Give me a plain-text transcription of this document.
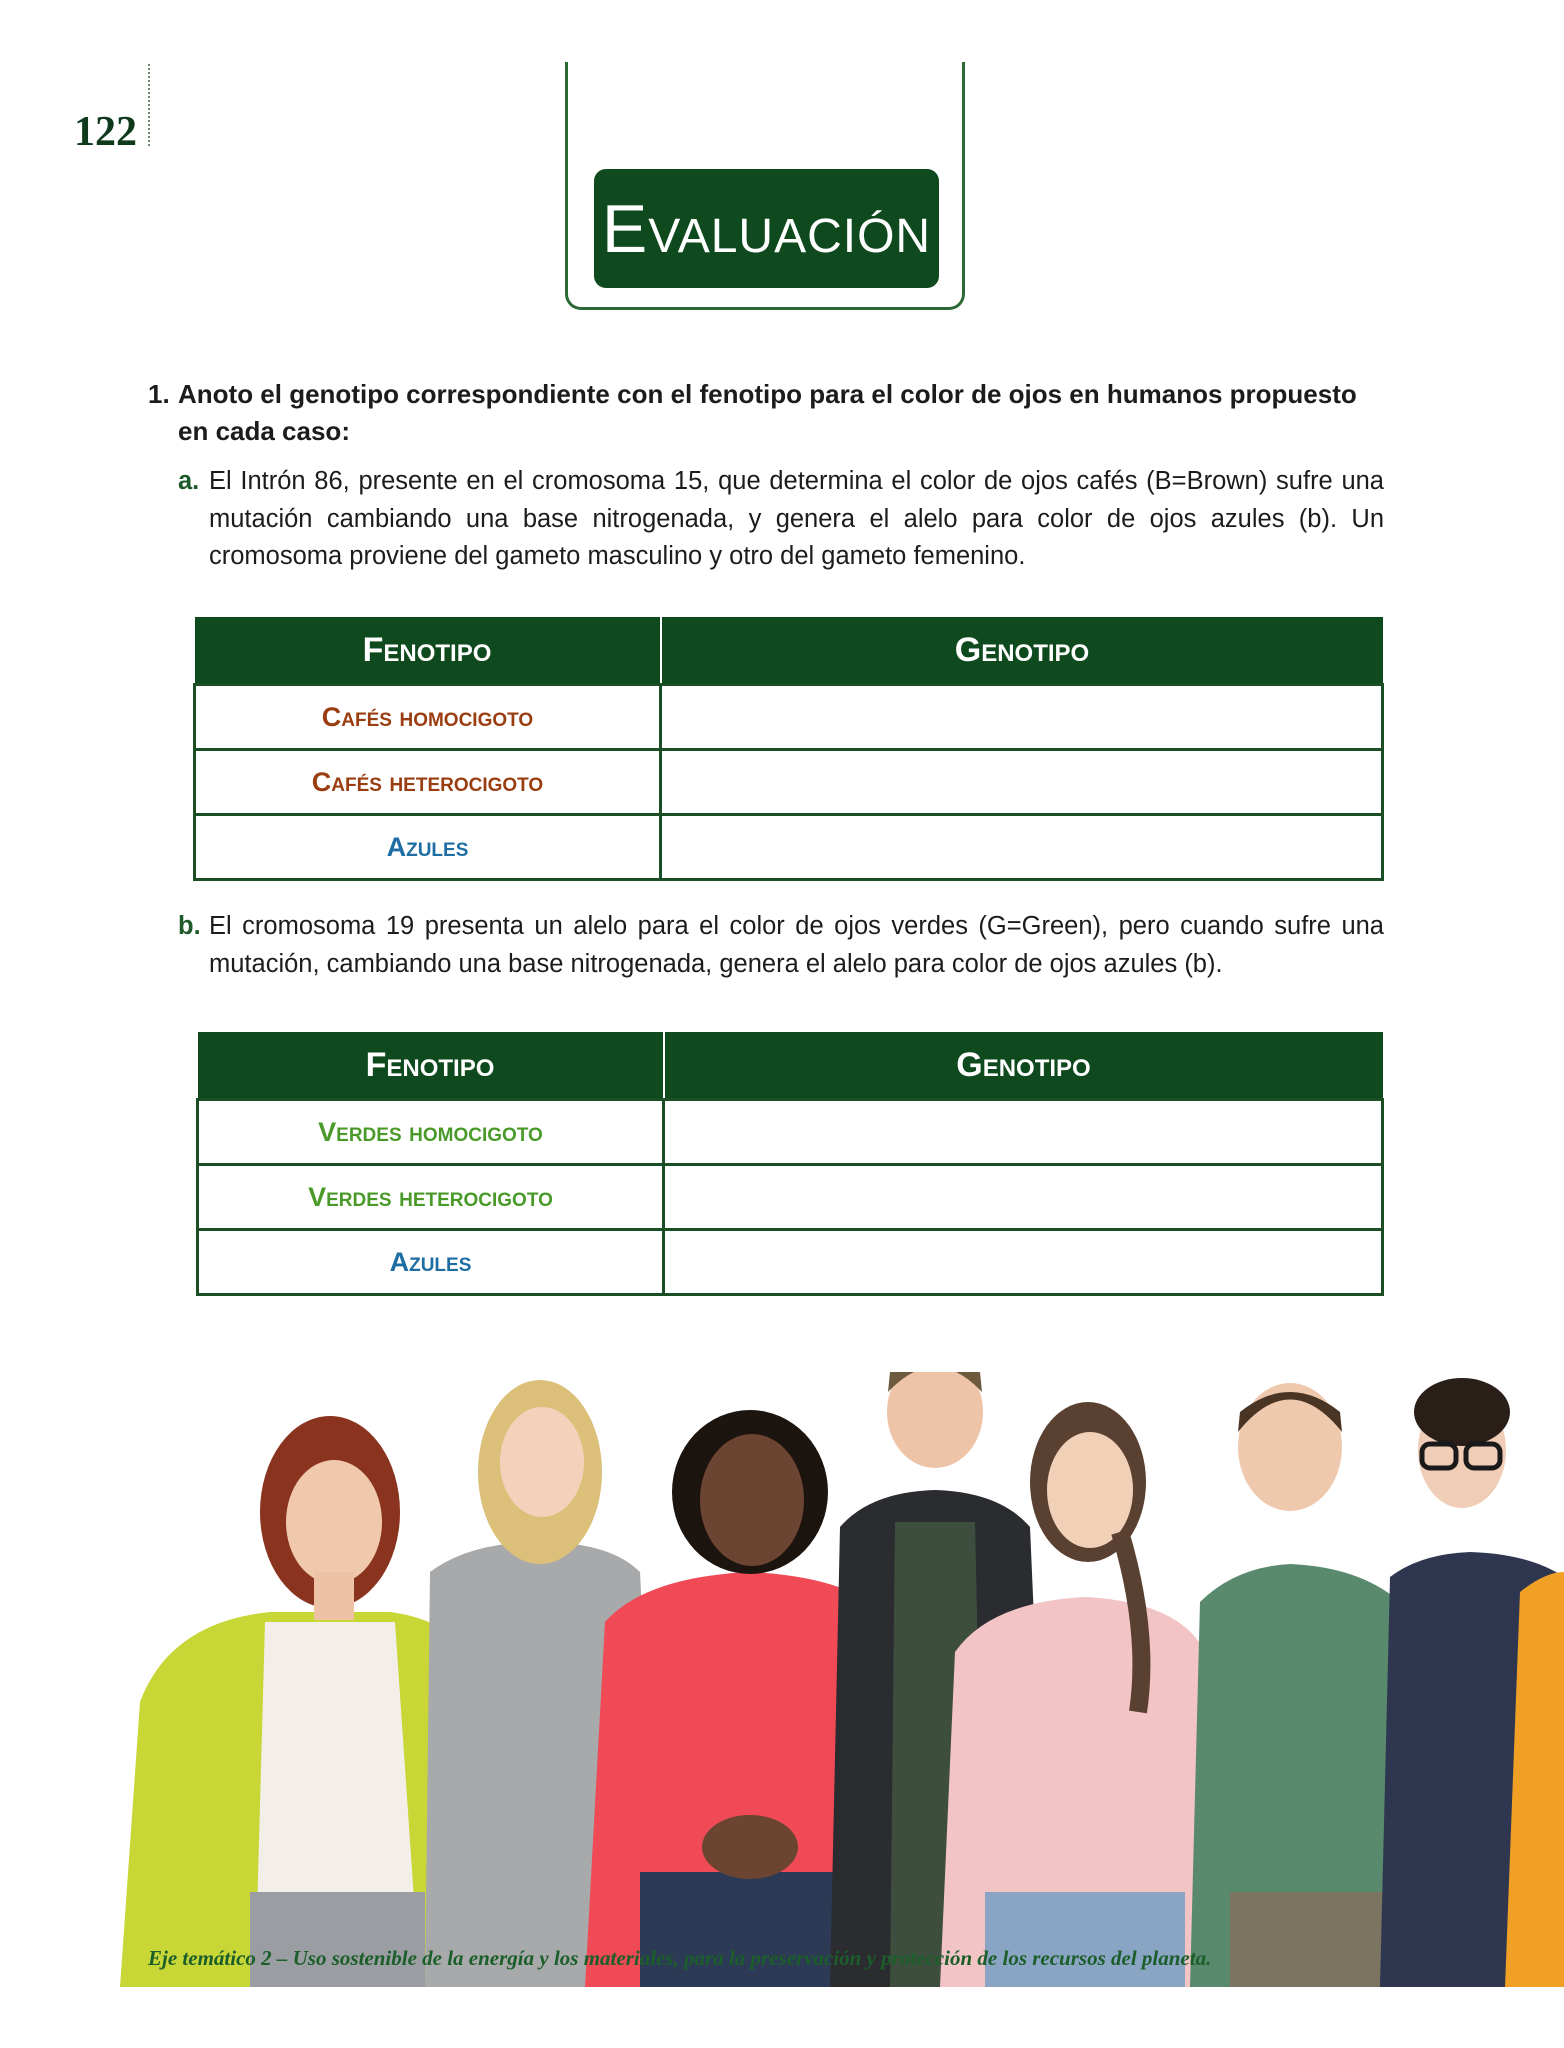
122
Evaluación
1. Anoto el genotipo correspondiente con el fenotipo para el color de ojos en humanos propuesto en cada caso:
a. El Intrón 86, presente en el cromosoma 15, que determina el color de ojos cafés (B=Brown) sufre una mutación cambiando una base nitrogenada, y genera el alelo para color de ojos azules (b). Un cromosoma proviene del gameto masculino y otro del gameto femenino.
Fenotipo	Genotipo
Cafés homocigoto	
Cafés heterocigoto	
Azules	
b. El cromosoma 19 presenta un alelo para el color de ojos verdes (G=Green), pero cuando sufre una mutación, cambiando una base nitrogenada, genera el alelo para color de ojos azules (b).
Fenotipo	Genotipo
Verdes homocigoto	
Verdes heterocigoto	
Azules	
Eje temático 2 – Uso sostenible de la energía y los materiales, para la preservación y protección de los recursos del planeta.
